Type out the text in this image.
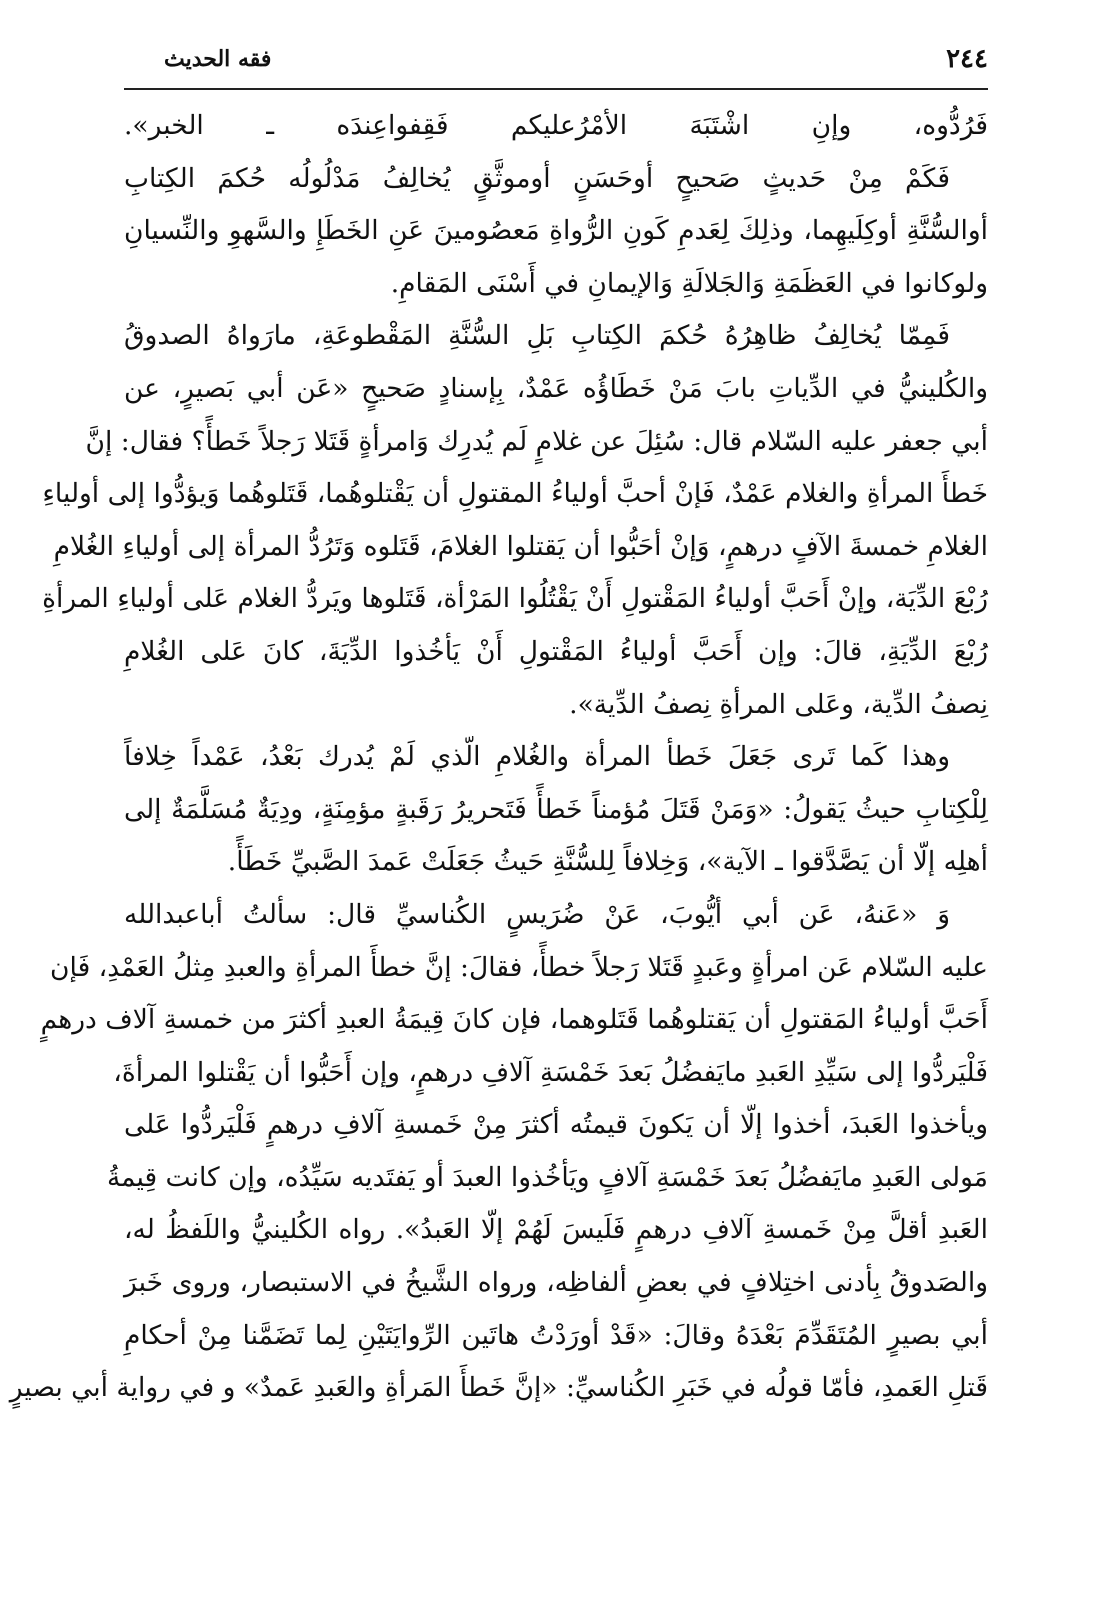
٢٤٤
فقه الحديث
فَرُدُّوه، وإنِ اشْتَبَهَ الأمْرُعليكم فَقِفواعِندَه ـ الخبر».
فَكَمْ مِنْ حَديثٍ صَحيحٍ أوحَسَنٍ أوموثَّقٍ يُخالِفُ مَدْلُولُه حُكمَ الكِتابِ
أوالسُّنَّةِ أوكِلَيهِما، وذلِكَ لِعَدمِ كَونِ الرُّواةِ مَعصُومينَ عَنِ الخَطَإِ والسَّهوِ والنِّسيانِ
ولوكانوا في العَظَمَةِ وَالجَلالَةِ وَالإيمانِ في أَسْنَى المَقامِ.
فَمِمّا يُخالِفُ ظاهِرُهُ حُكمَ الكِتابِ بَلِ السُّنَّةِ المَقْطوعَةِ، مارَواهُ الصدوقُ
والكُلينيُّ في الدِّياتِ بابَ مَنْ خَطَاؤُه عَمْدٌ، بِإسنادٍ صَحيحٍ «عَن أبي بَصيرٍ، عن
أبي جعفر عليه السّلام قال: سُئِلَ عن غلامٍ لَم يُدرِك وَامرأةٍ قَتَلا رَجلاً خَطأً؟ فقال: إنَّ
خَطأَ المرأةِ والغلام عَمْدٌ، فَإنْ أحبَّ أولياءُ المقتولِ أن يَقْتلوهُما، قَتَلوهُما وَيؤدُّوا إلى أولياءِ
الغلامِ خمسةَ الآفٍ درهمٍ، وَإنْ أحَبُّوا أن يَقتلوا الغلامَ، قَتَلوه وَتَرُدُّ المرأة إلى أولياءِ الغُلامِ
رُبْعَ الدِّيَة، وإنْ أَحَبَّ أولياءُ المَقْتولِ أَنْ يَقْتُلُوا المَرْأة، قَتَلوها ويَردُّ الغلام عَلى أولياءِ المرأةِ
رُبْعَ الدِّيَةِ، قالَ: وإن أَحَبَّ أولياءُ المَقْتولِ أَنْ يَأخُذوا الدِّيَةَ، كانَ عَلى الغُلامِ
نِصفُ الدِّية، وعَلى المرأةِ نِصفُ الدِّية».
وهذا كَما تَرى جَعَلَ خَطأ المرأة والغُلامِ الّذي لَمْ يُدرك بَعْدُ، عَمْداً خِلافاً
لِلْكِتابِ حيثُ يَقولُ: «وَمَنْ قَتَلَ مُؤمناً خَطأً فَتَحريرُ رَقَبةٍ مؤمِنَةٍ، ودِيَةٌ مُسَلَّمَةٌ إلى
أهلِه إلّا أن يَصَّدَّقوا ـ الآية»، وَخِلافاً لِلسُّنَّةِ حَيثُ جَعَلَتْ عَمدَ الصَّبيِّ خَطَأً.
وَ «عَنهُ، عَن أبي أيُّوبَ، عَنْ ضُرَيسٍ الكُناسيِّ قال: سألتُ أباعبدالله
عليه السّلام عَن امرأةٍ وعَبدٍ قَتَلا رَجلاً خطأً، فقالَ: إنَّ خطأَ المرأةِ والعبدِ مِثلُ العَمْدِ، فَإن
أَحَبَّ أولياءُ المَقتولِ أن يَقتلوهُما قَتَلوهما، فإن كانَ قِيمَةُ العبدِ أكثرَ من خمسةِ آلاف درهمٍ
فَلْيَردُّوا إلى سَيِّدِ العَبدِ مايَفضُلُ بَعدَ خَمْسَةِ آلافِ درهمٍ، وإن أَحَبُّوا أن يَقْتلوا المرأةَ،
ويأخذوا العَبدَ، أخذوا إلّا أن يَكونَ قيمتُه أكثرَ مِنْ خَمسةِ آلافِ درهمٍ فَلْيَردُّوا عَلى
مَولى العَبدِ مايَفضُلُ بَعدَ خَمْسَةِ آلافٍ ويَأخُذوا العبدَ أو يَفتَديه سَيِّدُه، وإن كانت قِيمةُ
العَبدِ أقلَّ مِنْ خَمسةِ آلافِ درهمٍ فَلَيسَ لَهُمْ إلّا العَبدُ». رواه الكُلينيُّ واللَفظُ له،
والصَدوقُ بِأدنى اختِلافٍ في بعضِ ألفاظِه، ورواه الشَّيخُ في الاستبصار، وروى خَبرَ
أبي بصيرٍ المُتَقَدِّمَ بَعْدَهُ وقالَ: «قَدْ أورَدْتُ هاتَين الرِّوايَتَيْنِ لِما تَضَمَّنا مِنْ أحكامِ
قَتلِ العَمدِ، فأمّا قولُه في خَبَرِ الكُناسيِّ: «إنَّ خَطأَ المَرأةِ والعَبدِ عَمدٌ» و في رواية أبي بصيرٍ
